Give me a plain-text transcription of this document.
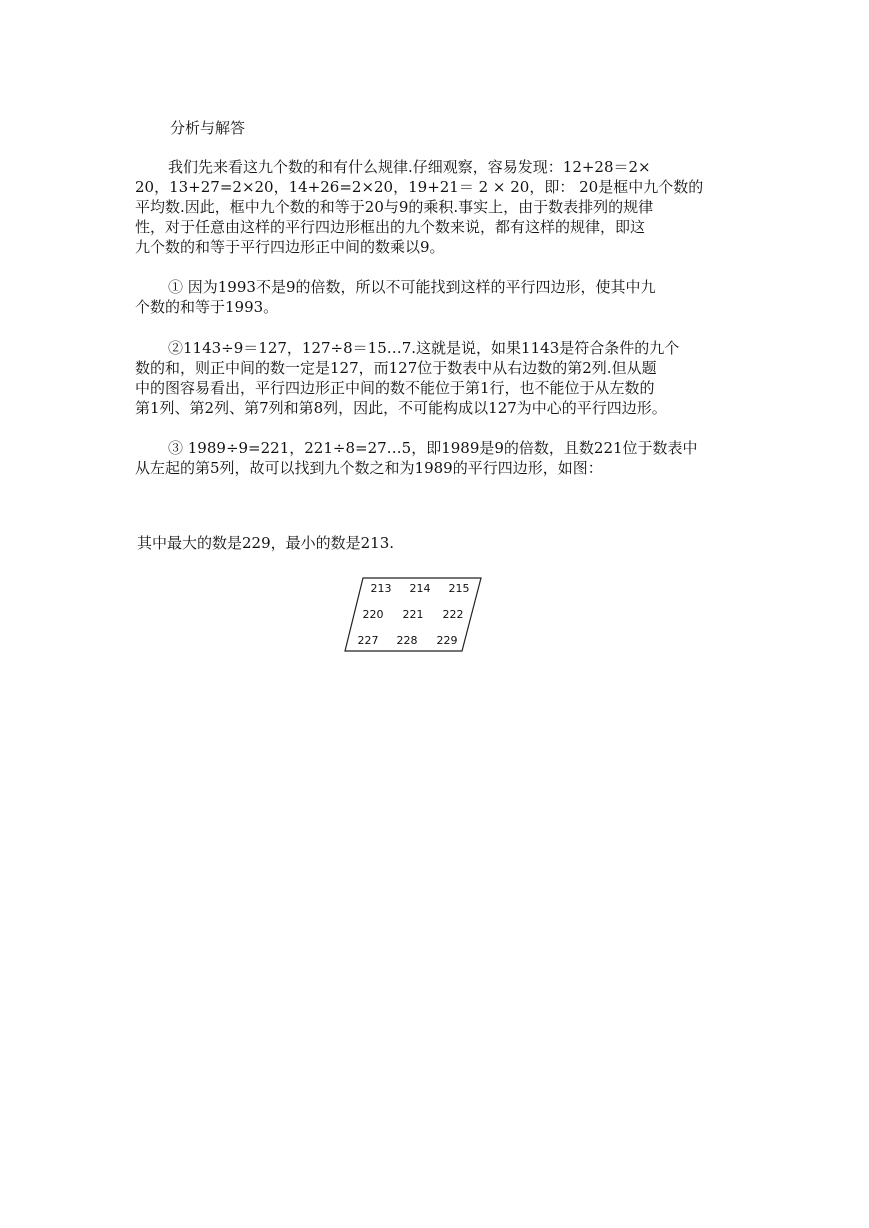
分析与解答
我们先来看这九个数的和有什么规律.仔细观察，容易发现：12+28＝2×
20，13+27=2×20，14+26=2×20，19+21＝ 2 × 20，即： 20是框中九个数的
平均数.因此，框中九个数的和等于20与9的乘积.事实上，由于数表排列的规律
性，对于任意由这样的平行四边形框出的九个数来说，都有这样的规律，即这
九个数的和等于平行四边形正中间的数乘以9。
① 因为1993不是9的倍数，所以不可能找到这样的平行四边形，使其中九
个数的和等于1993。
②1143÷9＝127，127÷8＝15…7.这就是说，如果1143是符合条件的九个
数的和，则正中间的数一定是127，而127位于数表中从右边数的第2列.但从题
中的图容易看出，平行四边形正中间的数不能位于第1行，也不能位于从左数的
第1列、第2列、第7列和第8列，因此，不可能构成以127为中心的平行四边形。
③ 1989÷9=221，221÷8=27…5，即1989是9的倍数，且数221位于数表中
从左起的第5列，故可以找到九个数之和为1989的平行四边形，如图：
其中最大的数是229，最小的数是213.
213	214	215
220	221	222
227	228	229
